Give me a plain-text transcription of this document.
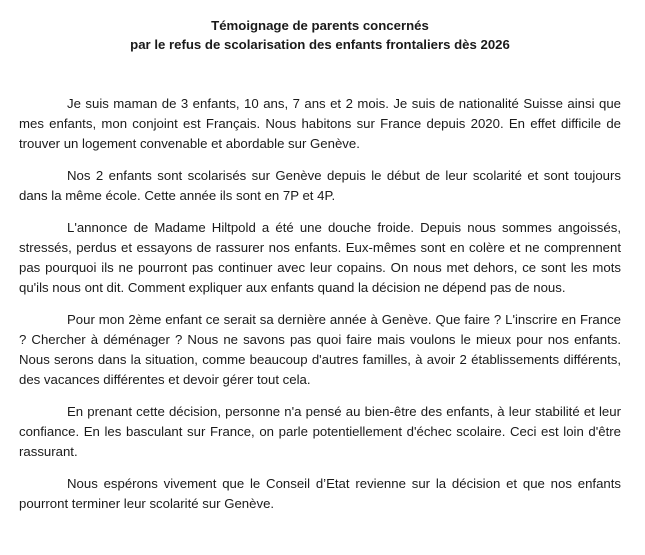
Témoignage de parents concernés
par le refus de scolarisation des enfants frontaliers dès 2026

Je suis maman de 3 enfants, 10 ans, 7 ans et 2 mois. Je suis de nationalité Suisse ainsi que mes enfants, mon conjoint est Français. Nous habitons sur France depuis 2020. En effet difficile de trouver un logement convenable et abordable sur Genève.

Nos 2 enfants sont scolarisés sur Genève depuis le début de leur scolarité et sont toujours dans la même école. Cette année ils sont en 7P et 4P.

L'annonce de Madame Hiltpold a été une douche froide. Depuis nous sommes angoissés, stressés, perdus et essayons de rassurer nos enfants. Eux-mêmes sont en colère et ne comprennent pas pourquoi ils ne pourront pas continuer avec leur copains. On nous met dehors, ce sont les mots qu'ils nous ont dit. Comment expliquer aux enfants quand la décision ne dépend pas de nous.

Pour mon 2ème enfant ce serait sa dernière année à Genève. Que faire ? L'inscrire en France ? Chercher à déménager ? Nous ne savons pas quoi faire mais voulons le mieux pour nos enfants. Nous serons dans la situation, comme beaucoup d'autres familles, à avoir 2 établissements différents, des vacances différentes et devoir gérer tout cela.

En prenant cette décision, personne n'a pensé au bien-être des enfants, à leur stabilité et leur confiance. En les basculant sur France, on parle potentiellement d'échec scolaire. Ceci est loin d'être rassurant.

Nous espérons vivement que le Conseil d’Etat revienne sur la décision et que nos enfants pourront terminer leur scolarité sur Genève.
